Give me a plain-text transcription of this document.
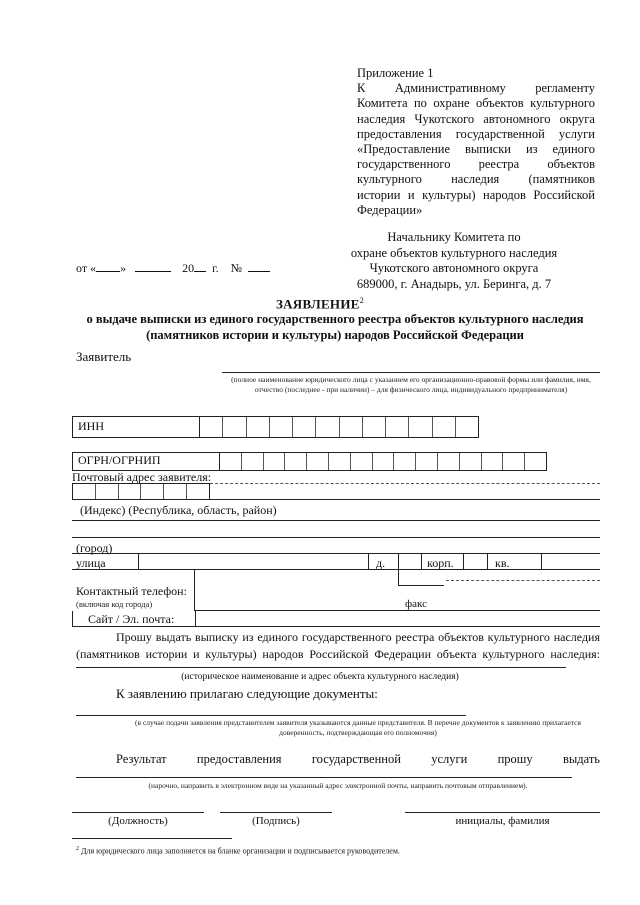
Приложение 1
К Административному регламенту
Комитета по охране объектов культурного
наследия Чукотского автономного округа
предоставления государственной услуги
«Предоставление выписки из единого
государственного реестра объектов
культурного наследия (памятников
истории и культуры) народов Российской
Федерации»
Начальнику Комитета по
охране объектов культурного наследия
Чукотского автономного округа
689000, г. Анадырь, ул. Беринга, д. 7
от « »	20 г. №
ЗАЯВЛЕНИЕ$^2$
о выдаче выписки из единого государственного реестра объектов культурного наследия
(памятников истории и культуры) народов Российской Федерации
Заявитель
(полное наименование юридического лица с указанием его организационно-правовой формы или фамилия, имя, отчество (последнее - при наличии) – для физического лица, индивидуального предпринимателя)
ИНН
ОГРН/ОГРНИП
Почтовый адрес заявителя:
(Индекс) (Республика, область, район)
(город)
улица	д.	корп.	кв.
Контактный телефон:
(включая код города)	факс
Сайт / Эл. почта:
Прошу выдать выписку из единого государственного реестра объектов культурного наследия
(памятников истории и культуры) народов Российской Федерации объекта культурного наследия:
(историческое наименование и адрес объекта культурного наследия)
К заявлению прилагаю следующие документы:
(в случае подачи заявления представителем заявителя указываются данные представителя. В перечне документов к заявлению прилагается доверенность, подтверждающая его полномочия)
Результат предоставления государственной услуги прошу выдать
(нарочно, направить в электронном виде на указанный адрес электронной почты, направить почтовым отправлением).
(Должность)	(Подпись)	инициалы, фамилия
$^2$ Для юридического лица заполняется на бланке организации и подписывается руководителем.
